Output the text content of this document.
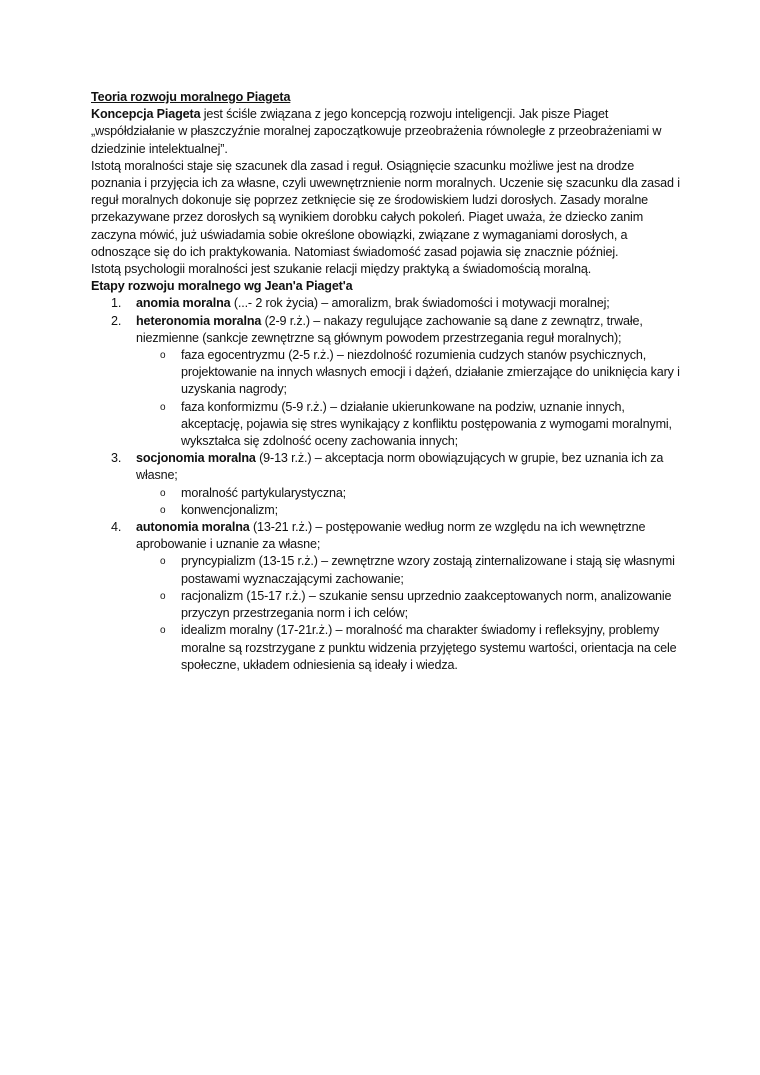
Teoria rozwoju moralnego Piageta

Koncepcja Piageta jest ściśle związana z jego koncepcją rozwoju inteligencji. Jak pisze Piaget „współdziałanie w płaszczyźnie moralnej zapoczątkowuje przeobrażenia równoległe z przeobrażeniami w dziedzinie intelektualnej”.

Istotą moralności staje się szacunek dla zasad i reguł. Osiągnięcie szacunku możliwe jest na drodze poznania i przyjęcia ich za własne, czyli uwewnętrznienie norm moralnych. Uczenie się szacunku dla zasad i reguł moralnych dokonuje się poprzez zetknięcie się ze środowiskiem ludzi dorosłych. Zasady moralne przekazywane przez dorosłych są wynikiem dorobku całych pokoleń. Piaget uważa, że dziecko zanim zaczyna mówić, już uświadamia sobie określone obowiązki, związane z wymaganiami dorosłych, a odnoszące się do ich praktykowania. Natomiast świadomość zasad pojawia się znacznie później.

Istotą psychologii moralności jest szukanie relacji między praktyką a świadomością moralną.

Etapy rozwoju moralnego wg Jean'a Piaget'a

1. anomia moralna (...- 2 rok życia) – amoralizm, brak świadomości i motywacji moralnej;
2. heteronomia moralna (2-9 r.ż.) – nakazy regulujące zachowanie są dane z zewnątrz, trwałe, niezmienne (sankcje zewnętrzne są głównym powodem przestrzegania reguł moralnych);
o faza egocentryzmu (2-5 r.ż.) – niezdolność rozumienia cudzych stanów psychicznych, projektowanie na innych własnych emocji i dążeń, działanie zmierzające do uniknięcia kary i uzyskania nagrody;
o faza konformizmu (5-9 r.ż.) – działanie ukierunkowane na podziw, uznanie innych, akceptację, pojawia się stres wynikający z konfliktu postępowania z wymogami moralnymi, wykształca się zdolność oceny zachowania innych;
3. socjonomia moralna (9-13 r.ż.) – akceptacja norm obowiązujących w grupie, bez uznania ich za własne;
o moralność partykularystyczna;
o konwencjonalizm;
4. autonomia moralna (13-21 r.ż.) – postępowanie według norm ze względu na ich wewnętrzne aprobowanie i uznanie za własne;
o pryncypializm (13-15 r.ż.) – zewnętrzne wzory zostają zinternalizowane i stają się własnymi postawami wyznaczającymi zachowanie;
o racjonalizm (15-17 r.ż.) – szukanie sensu uprzednio zaakceptowanych norm, analizowanie przyczyn przestrzegania norm i ich celów;
o idealizm moralny (17-21r.ż.) – moralność ma charakter świadomy i refleksyjny, problemy moralne są rozstrzygane z punktu widzenia przyjętego systemu wartości, orientacja na cele społeczne, układem odniesienia są ideały i wiedza.
